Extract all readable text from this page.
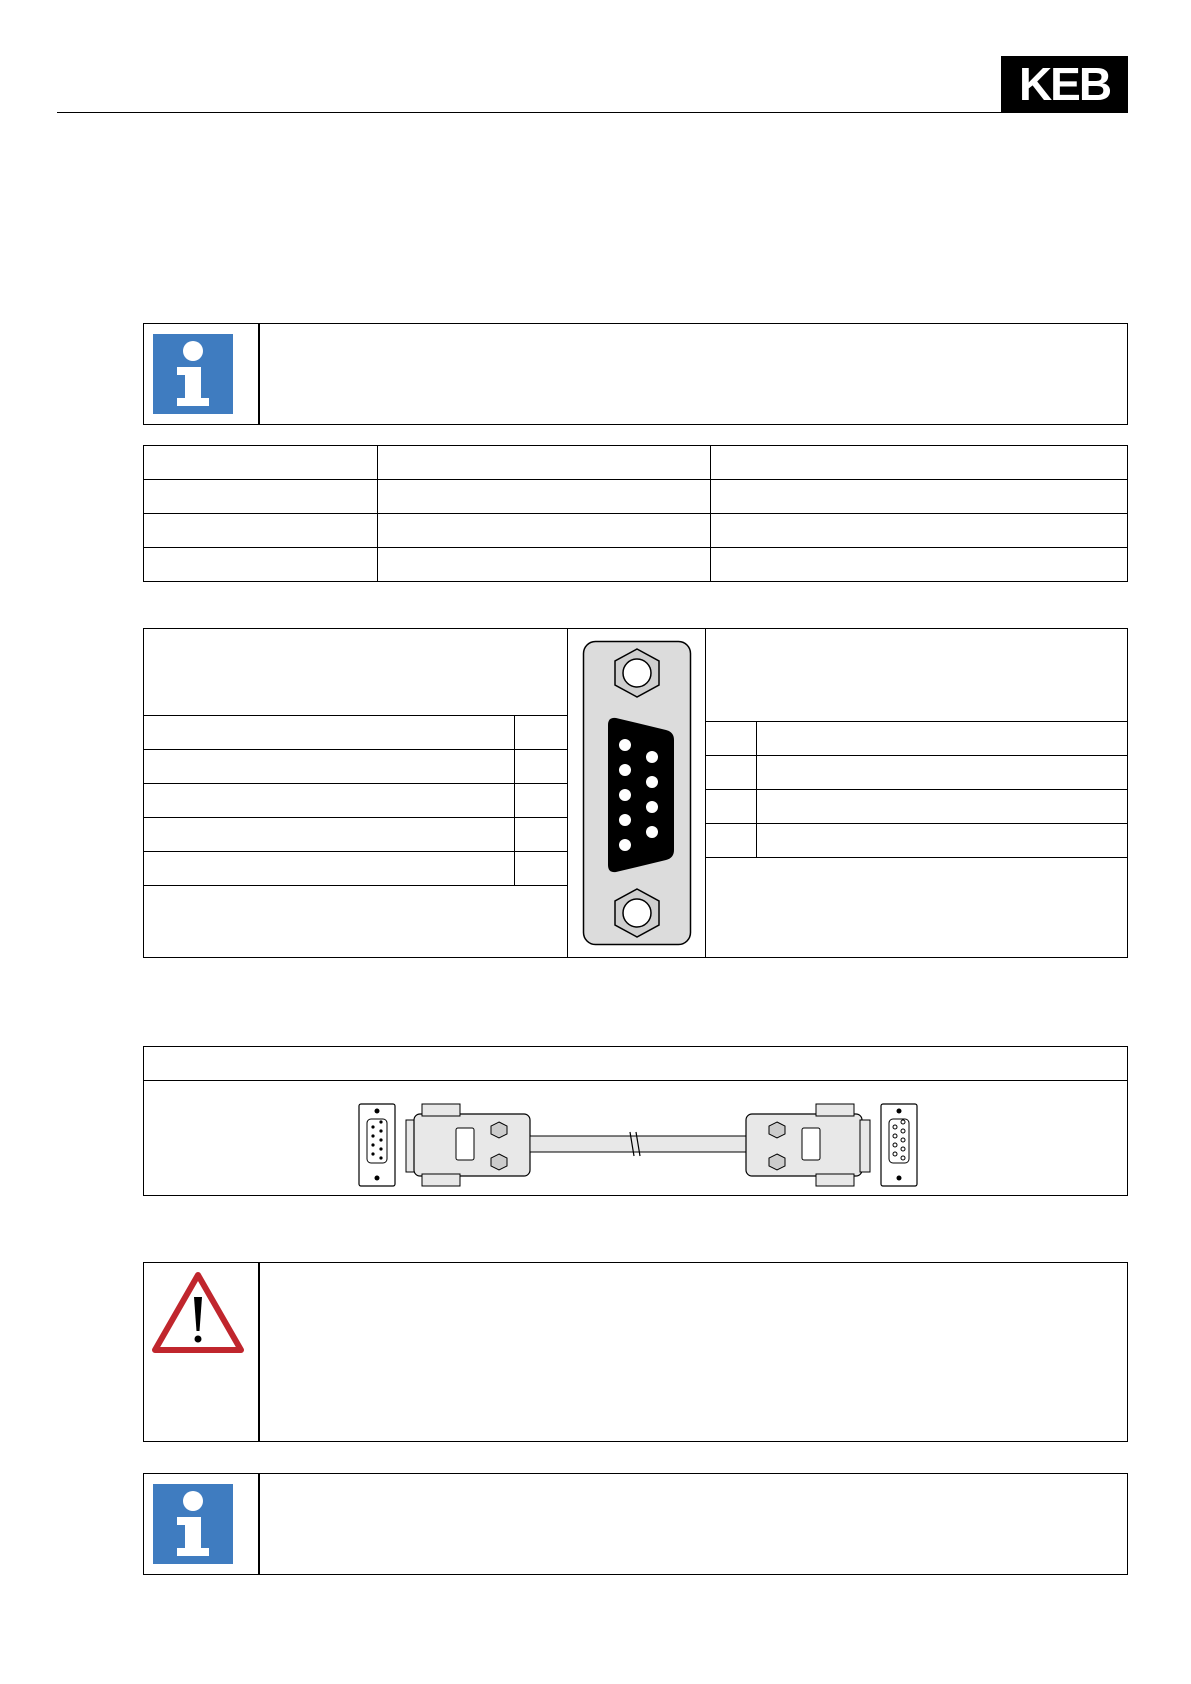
KEB
